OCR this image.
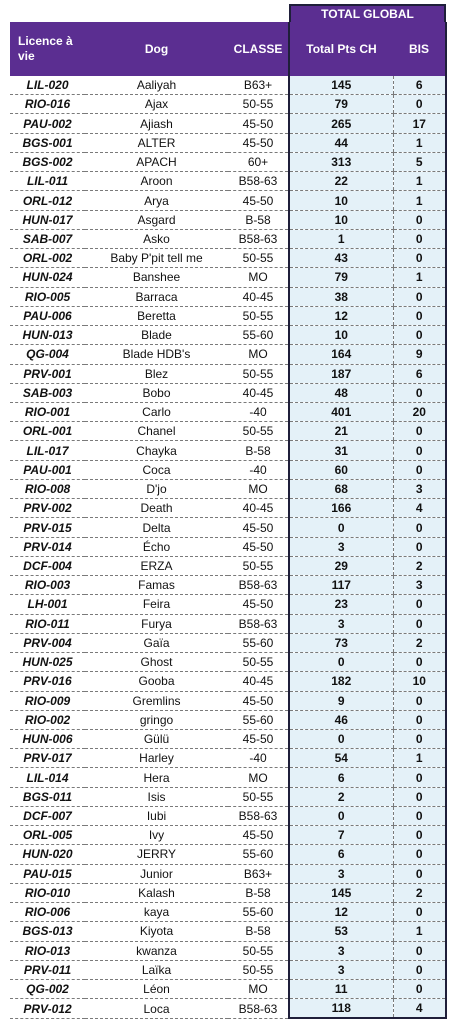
TOTAL GLOBAL
Licence à vie	Dog	CLASSE	Total Pts CH	BIS
LIL-020	Aaliyah	B63+	145	6
RIO-016	Ajax	50-55	79	0
PAU-002	Ajiash	45-50	265	17
BGS-001	ALTER	45-50	44	1
BGS-002	APACH	60+	313	5
LIL-011	Aroon	B58-63	22	1
ORL-012	Arya	45-50	10	1
HUN-017	Asgard	B-58	10	0
SAB-007	Asko	B58-63	1	0
ORL-002	Baby P'pit tell me	50-55	43	0
HUN-024	Banshee	MO	79	1
RIO-005	Barraca	40-45	38	0
PAU-006	Beretta	50-55	12	0
HUN-013	Blade	55-60	10	0
QG-004	Blade HDB's	MO	164	9
PRV-001	Blez	50-55	187	6
SAB-003	Bobo	40-45	48	0
RIO-001	Carlo	-40	401	20
ORL-001	Chanel	50-55	21	0
LIL-017	Chayka	B-58	31	0
PAU-001	Coca	-40	60	0
RIO-008	D'jo	MO	68	3
PRV-002	Death	40-45	166	4
PRV-015	Delta	45-50	0	0
PRV-014	Écho	45-50	3	0
DCF-004	ERZA	50-55	29	2
RIO-003	Famas	B58-63	117	3
LH-001	Feira	45-50	23	0
RIO-011	Furya	B58-63	3	0
PRV-004	Gaïa	55-60	73	2
HUN-025	Ghost	50-55	0	0
PRV-016	Gooba	40-45	182	10
RIO-009	Gremlins	45-50	9	0
RIO-002	gringo	55-60	46	0
HUN-006	Gülü	45-50	0	0
PRV-017	Harley	-40	54	1
LIL-014	Hera	MO	6	0
BGS-011	Isis	50-55	2	0
DCF-007	Iubi	B58-63	0	0
ORL-005	Ivy	45-50	7	0
HUN-020	JERRY	55-60	6	0
PAU-015	Junior	B63+	3	0
RIO-010	Kalash	B-58	145	2
RIO-006	kaya	55-60	12	0
BGS-013	Kiyota	B-58	53	1
RIO-013	kwanza	50-55	3	0
PRV-011	Laïka	50-55	3	0
QG-002	Léon	MO	11	0
PRV-012	Loca	B58-63	118	4
